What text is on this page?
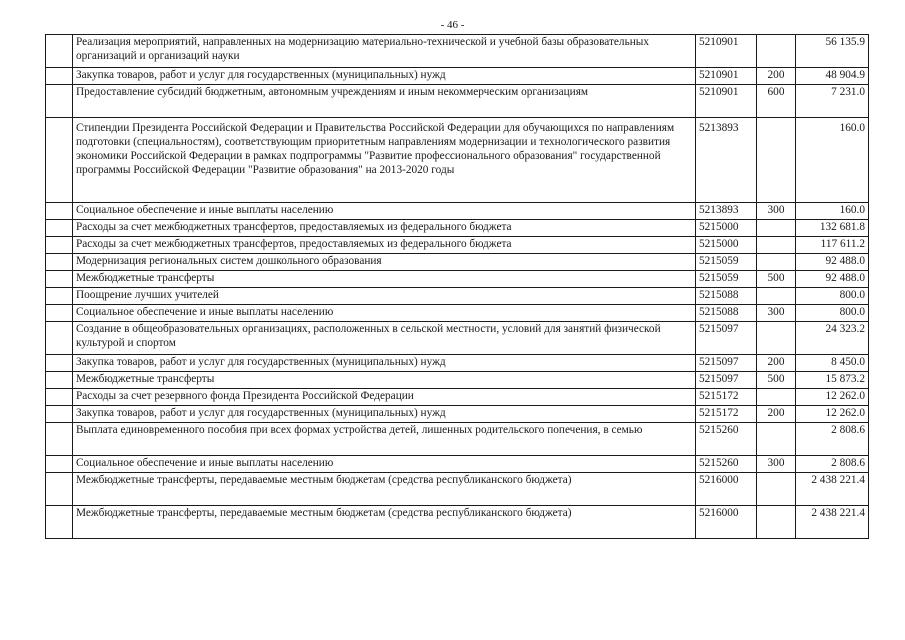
- 46 -
	Реализация мероприятий, направленных на модернизацию материально-технической и учебной базы образовательных организаций и организаций науки	5210901		56 135.9
	Закупка товаров, работ и услуг для государственных (муниципальных) нужд	5210901	200	48 904.9
	Предоставление субсидий бюджетным, автономным учреждениям и иным некоммерческим организациям	5210901	600	7 231.0
	Стипендии Президента Российской Федерации и Правительства Российской Федерации для обучающихся по направлениям подготовки (специальностям), соответствующим приоритетным направлениям модернизации и технологического развития экономики Российской Федерации в рамках подпрограммы "Развитие профессионального образования" государственной программы Российской Федерации "Развитие образования" на 2013-2020 годы	5213893		160.0
	Социальное обеспечение и иные выплаты населению	5213893	300	160.0
	Расходы за счет межбюджетных трансфертов, предоставляемых из федерального бюджета	5215000		132 681.8
	Расходы за счет межбюджетных трансфертов, предоставляемых из федерального бюджета	5215000		117 611.2
	Модернизация региональных систем дошкольного образования	5215059		92 488.0
	Межбюджетные трансферты	5215059	500	92 488.0
	Поощрение лучших учителей	5215088		800.0
	Социальное обеспечение и иные выплаты населению	5215088	300	800.0
	Создание в общеобразовательных организациях, расположенных в сельской местности, условий для занятий физической культурой и спортом	5215097		24 323.2
	Закупка товаров, работ и услуг для государственных (муниципальных) нужд	5215097	200	8 450.0
	Межбюджетные трансферты	5215097	500	15 873.2
	Расходы за счет резервного фонда Президента Российской Федерации	5215172		12 262.0
	Закупка товаров, работ и услуг для государственных (муниципальных) нужд	5215172	200	12 262.0
	Выплата единовременного пособия при всех формах устройства детей, лишенных родительского попечения, в семью	5215260		2 808.6
	Социальное обеспечение и иные выплаты населению	5215260	300	2 808.6
	Межбюджетные трансферты, передаваемые местным бюджетам (средства республиканского бюджета)	5216000		2 438 221.4
	Межбюджетные трансферты, передаваемые местным бюджетам (средства республиканского бюджета)	5216000		2 438 221.4
